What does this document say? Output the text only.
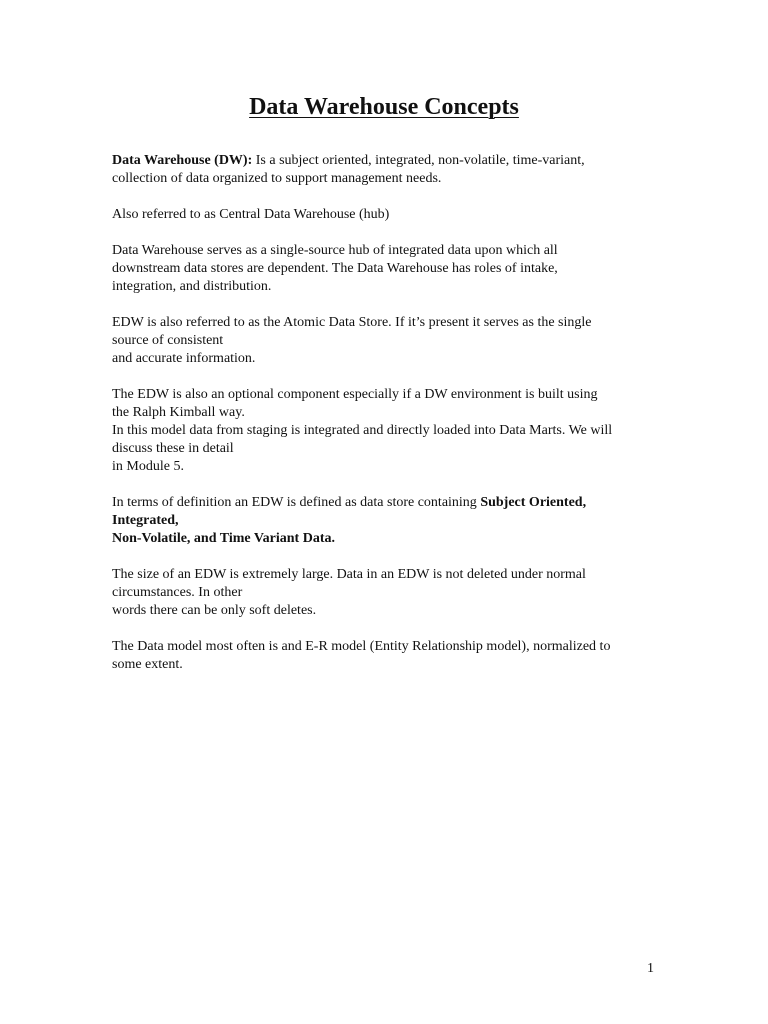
Data Warehouse Concepts

Data Warehouse (DW): Is a subject oriented, integrated, non-volatile, time-variant,
collection of data organized to support management needs.

Also referred to as Central Data Warehouse (hub)

Data Warehouse serves as a single-source hub of integrated data upon which all
downstream data stores are dependent. The Data Warehouse has roles of intake,
integration, and distribution.

EDW is also referred to as the Atomic Data Store. If it’s present it serves as the single
source of consistent
and accurate information.

The EDW is also an optional component especially if a DW environment is built using
the Ralph Kimball way.
In this model data from staging is integrated and directly loaded into Data Marts. We will
discuss these in detail
in Module 5.

In terms of definition an EDW is defined as data store containing Subject Oriented,
Integrated,
Non-Volatile, and Time Variant Data.

The size of an EDW is extremely large. Data in an EDW is not deleted under normal
circumstances. In other
words there can be only soft deletes.

The Data model most often is and E-R model (Entity Relationship model), normalized to
some extent.

1
